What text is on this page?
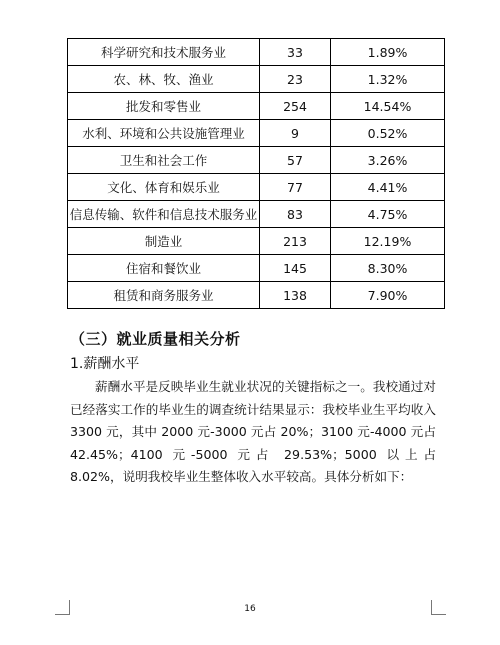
科学研究和技术服务业	33	1.89%
农、林、牧、渔业	23	1.32%
批发和零售业	254	14.54%
水利、环境和公共设施管理业	9	0.52%
卫生和社会工作	57	3.26%
文化、体育和娱乐业	77	4.41%
信息传输、软件和信息技术服务业	83	4.75%
制造业	213	12.19%
住宿和餐饮业	145	8.30%
租赁和商务服务业	138	7.90%
（三）就业质量相关分析
1.薪酬水平

薪酬水平是反映毕业生就业状况的关键指标之一。我校通过对已经落实工作的毕业生的调查统计结果显示：我校毕业生平均收入 3300 元，其中 2000 元-3000 元占 20%；3100 元-4000 元占 42.45%；4100 元-5000 元占 29.53%；5000 以上占 8.02%，说明我校毕业生整体收入水平较高。具体分析如下：

16
